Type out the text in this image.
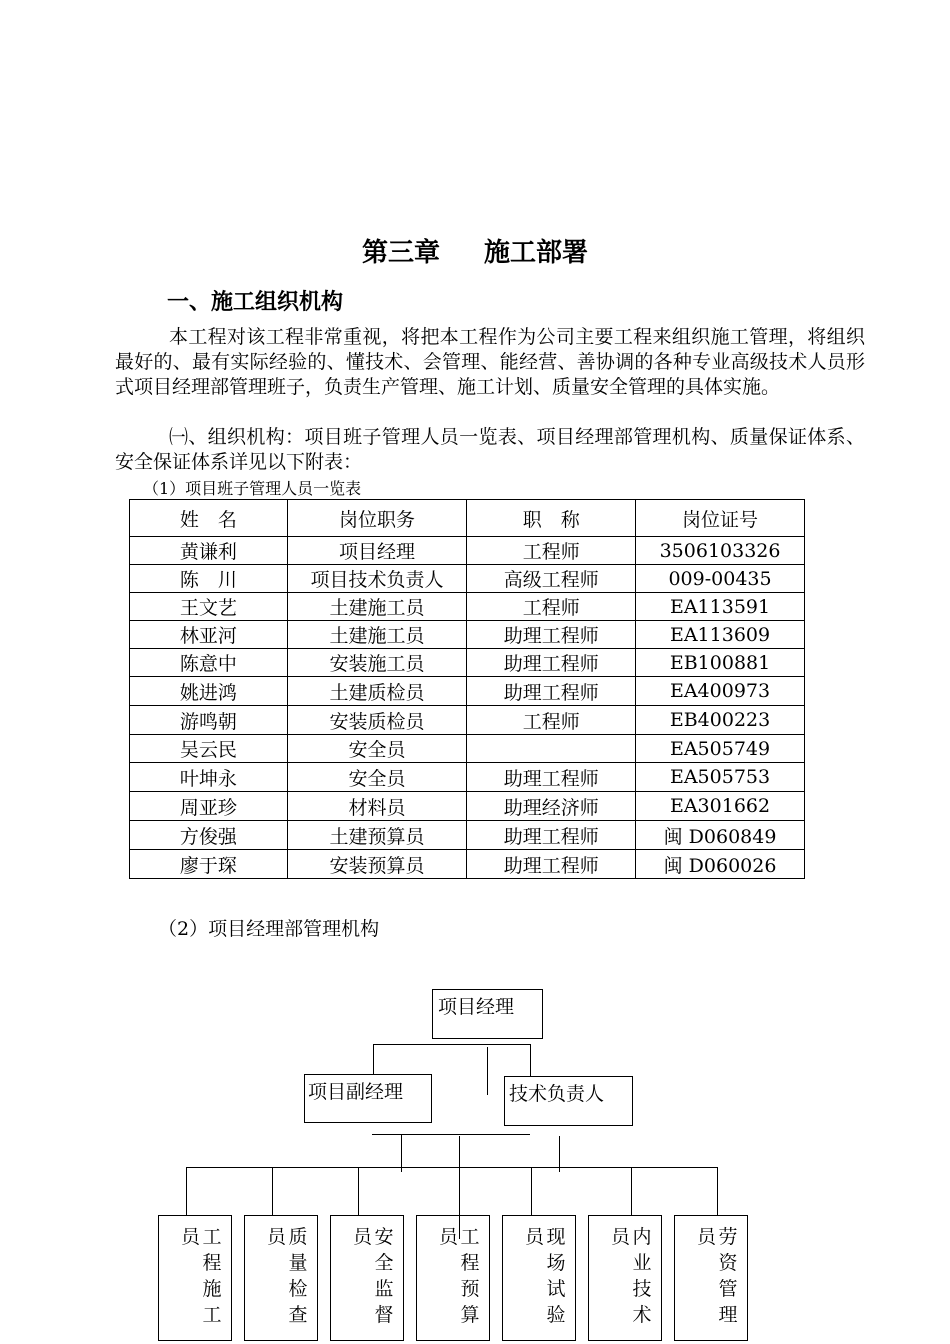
第三章 施工部署
一、施工组织机构
本工程对该工程非常重视，将把本工程作为公司主要工程来组织施工管理，将组织最好的、最有实际经验的、懂技术、会管理、能经营、善协调的各种专业高级技术人员形式项目经理部管理班子，负责生产管理、施工计划、质量安全管理的具体实施。
㈠、组织机构：项目班子管理人员一览表、项目经理部管理机构、质量保证体系、安全保证体系详见以下附表：
（1）项目班子管理人员一览表
姓　名	岗位职务	职　称	岗位证号
黄谦利	项目经理	工程师	3506103326
陈　川	项目技术负责人	高级工程师	009-00435
王文艺	土建施工员	工程师	EA113591
林亚河	土建施工员	助理工程师	EA113609
陈意中	安装施工员	助理工程师	EB100881
姚进鸿	土建质检员	助理工程师	EA400973
游鸣朝	安装质检员	工程师	EB400223
吴云民	安全员		EA505749
叶坤永	安全员	助理工程师	EA505753
周亚珍	材料员	助理经济师	EA301662
方俊强	土建预算员	助理工程师	闽 D060849
廖于琛	安装预算员	助理工程师	闽 D060026
（2）项目经理部管理机构
项目经理
项目副经理	技术负责人
员 工程施工
员 质量检查
员 安全监督
员 工程预算
员 现场试验
员 内业技术
员 劳资管理
